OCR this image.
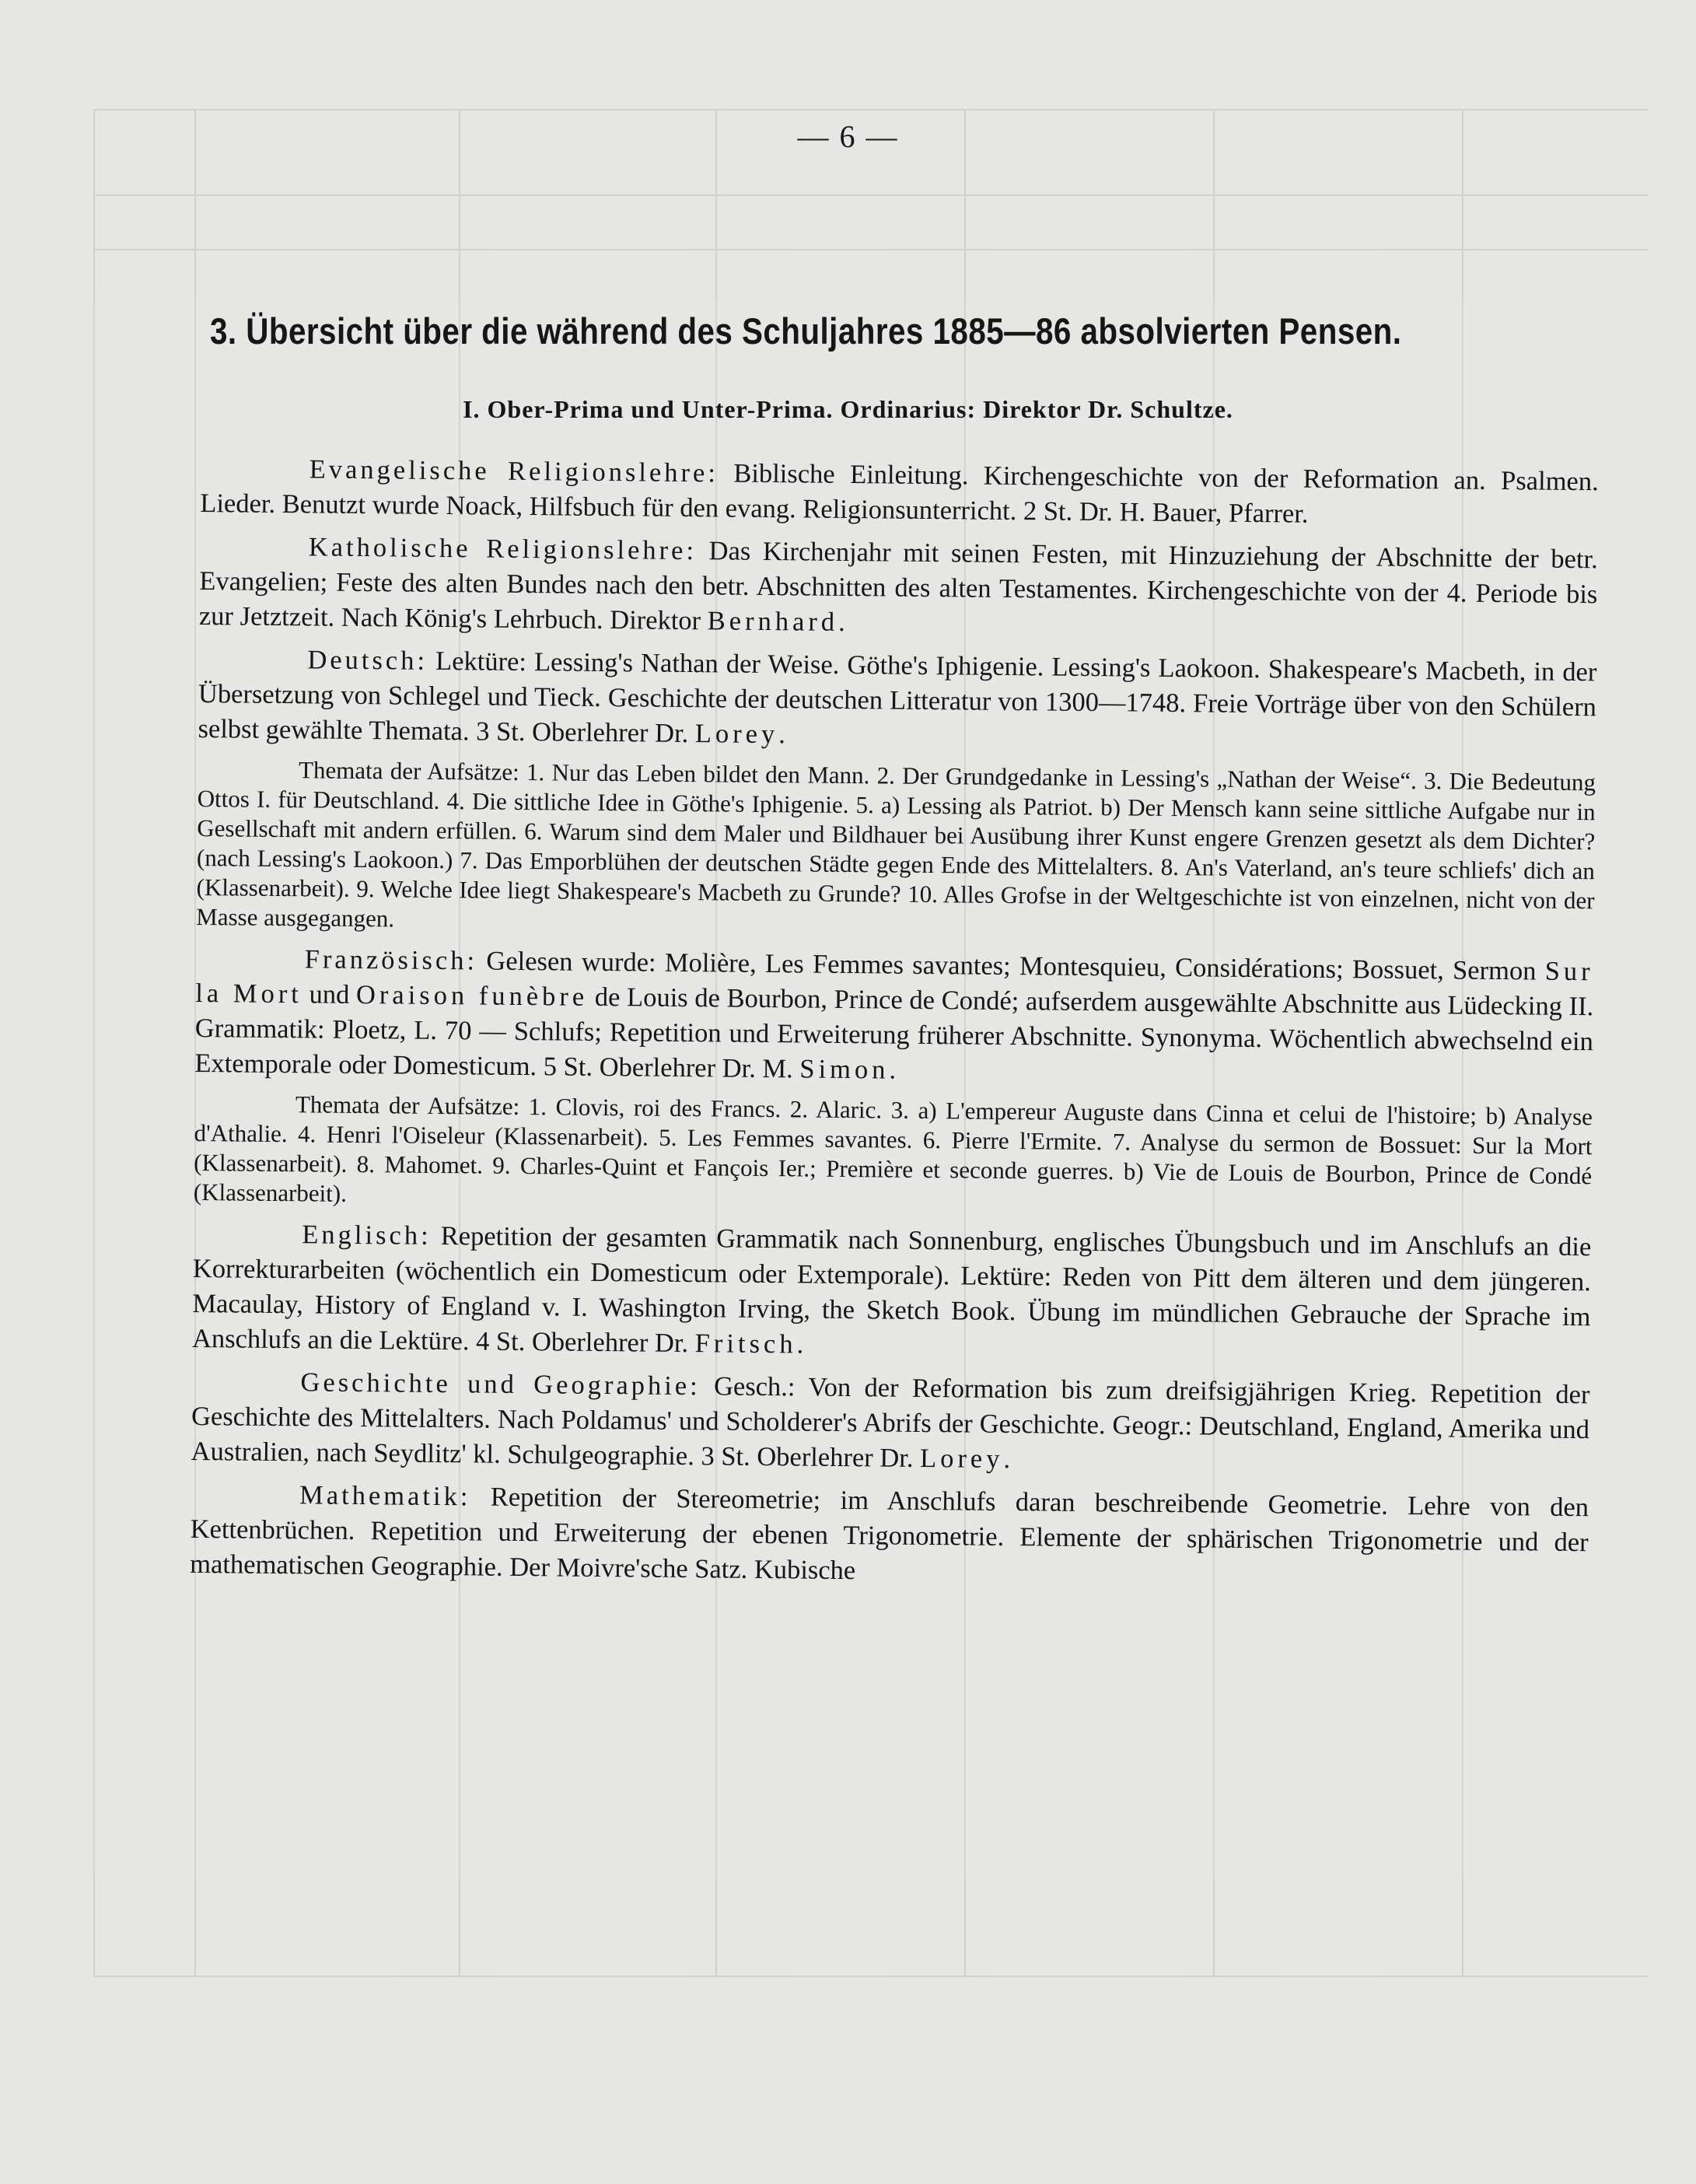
— 6 —
3. Übersicht über die während des Schuljahres 1885—86 absolvierten Pensen.
I. Ober-Prima und Unter-Prima. Ordinarius: Direktor Dr. Schultze.

Evangelische Religionslehre: Biblische Einleitung. Kirchengeschichte von der Reformation an. Psalmen. Lieder. Benutzt wurde Noack, Hilfsbuch für den evang. Religionsunterricht. 2 St. Dr. H. Bauer, Pfarrer.

Katholische Religionslehre: Das Kirchenjahr mit seinen Festen, mit Hinzuziehung der Abschnitte der betr. Evangelien; Feste des alten Bundes nach den betr. Abschnitten des alten Testamentes. Kirchengeschichte von der 4. Periode bis zur Jetztzeit. Nach König's Lehrbuch. Direktor Bernhard.

Deutsch: Lektüre: Lessing's Nathan der Weise. Göthe's Iphigenie. Lessing's Laokoon. Shakespeare's Macbeth, in der Übersetzung von Schlegel und Tieck. Geschichte der deutschen Litteratur von 1300—1748. Freie Vorträge über von den Schülern selbst gewählte Themata. 3 St. Oberlehrer Dr. Lorey.

Themata der Aufsätze: 1. Nur das Leben bildet den Mann. 2. Der Grundgedanke in Lessing's „Nathan der Weise“. 3. Die Bedeutung Ottos I. für Deutschland. 4. Die sittliche Idee in Göthe's Iphigenie. 5. a) Lessing als Patriot. b) Der Mensch kann seine sittliche Aufgabe nur in Gesellschaft mit andern erfüllen. 6. Warum sind dem Maler und Bildhauer bei Ausübung ihrer Kunst engere Grenzen gesetzt als dem Dichter? (nach Lessing's Laokoon.) 7. Das Emporblühen der deutschen Städte gegen Ende des Mittelalters. 8. An's Vaterland, an's teure schliefs' dich an (Klassenarbeit). 9. Welche Idee liegt Shakespeare's Macbeth zu Grunde? 10. Alles Grofse in der Weltgeschichte ist von einzelnen, nicht von der Masse ausgegangen.

Französisch: Gelesen wurde: Molière, Les Femmes savantes; Montesquieu, Considérations; Bossuet, Sermon Sur la Mort und Oraison funèbre de Louis de Bourbon, Prince de Condé; aufserdem ausgewählte Abschnitte aus Lüdecking II. Grammatik: Ploetz, L. 70 — Schlufs; Repetition und Erweiterung früherer Abschnitte. Synonyma. Wöchentlich abwechselnd ein Extemporale oder Domesticum. 5 St. Oberlehrer Dr. M. Simon.

Themata der Aufsätze: 1. Clovis, roi des Francs. 2. Alaric. 3. a) L'empereur Auguste dans Cinna et celui de l'histoire; b) Analyse d'Athalie. 4. Henri l'Oiseleur (Klassenarbeit). 5. Les Femmes savantes. 6. Pierre l'Ermite. 7. Analyse du sermon de Bossuet: Sur la Mort (Klassenarbeit). 8. Mahomet. 9. Charles-Quint et Fançois Ier.; Première et seconde guerres. b) Vie de Louis de Bourbon, Prince de Condé (Klassenarbeit).

Englisch: Repetition der gesamten Grammatik nach Sonnenburg, englisches Übungsbuch und im Anschlufs an die Korrekturarbeiten (wöchentlich ein Domesticum oder Extemporale). Lektüre: Reden von Pitt dem älteren und dem jüngeren. Macaulay, History of England v. I. Washington Irving, the Sketch Book. Übung im mündlichen Gebrauche der Sprache im Anschlufs an die Lektüre. 4 St. Oberlehrer Dr. Fritsch.

Geschichte und Geographie: Gesch.: Von der Reformation bis zum dreifsigjährigen Krieg. Repetition der Geschichte des Mittelalters. Nach Poldamus' und Scholderer's Abrifs der Geschichte. Geogr.: Deutschland, England, Amerika und Australien, nach Seydlitz' kl. Schulgeographie. 3 St. Oberlehrer Dr. Lorey.

Mathematik: Repetition der Stereometrie; im Anschlufs daran beschreibende Geometrie. Lehre von den Kettenbrüchen. Repetition und Erweiterung der ebenen Trigonometrie. Elemente der sphärischen Trigonometrie und der mathematischen Geographie. Der Moivre'sche Satz. Kubische
